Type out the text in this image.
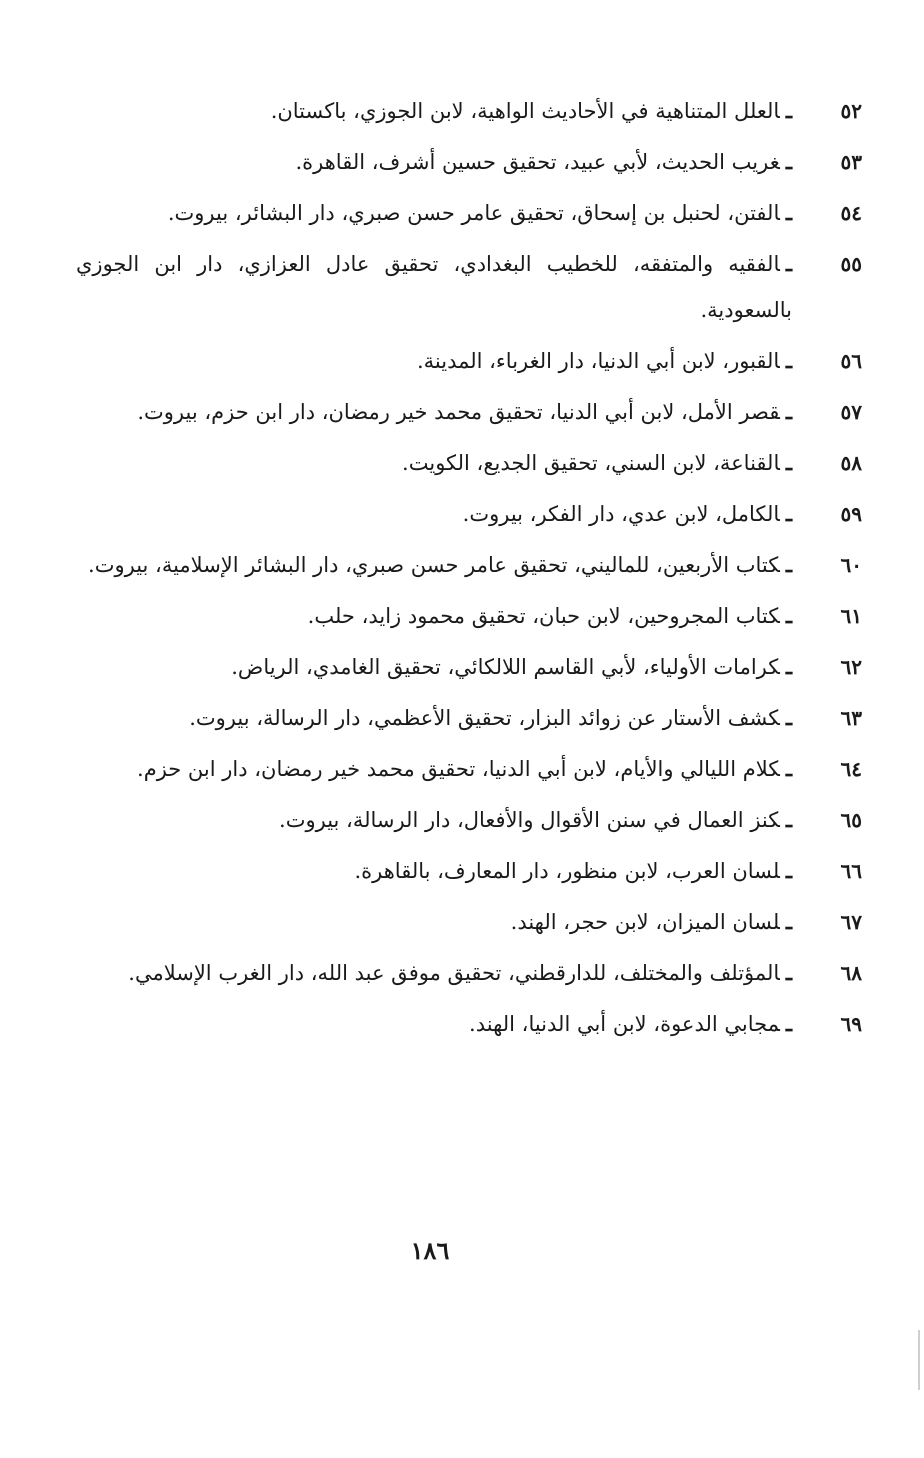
٥٢
ـالعلل المتناهية في الأحاديث الواهية، لابن الجوزي، باكستان.
٥٣
ـغريب الحديث، لأبي عبيد، تحقيق حسين أشرف، القاهرة.
٥٤
ـالفتن، لحنبل بن إسحاق، تحقيق عامر حسن صبري، دار البشائر، بيروت.
٥٥
ـالفقيه والمتفقه، للخطيب البغدادي، تحقيق عادل العزازي، دار ابن الجوزي بالسعودية.
٥٦
ـالقبور، لابن أبي الدنيا، دار الغرباء، المدينة.
٥٧
ـقصر الأمل، لابن أبي الدنيا، تحقيق محمد خير رمضان، دار ابن حزم، بيروت.
٥٨
ـالقناعة، لابن السني، تحقيق الجديع، الكويت.
٥٩
ـالكامل، لابن عدي، دار الفكر، بيروت.
٦٠
ـكتاب الأربعين، للماليني، تحقيق عامر حسن صبري، دار البشائر الإسلامية، بيروت.
٦١
ـكتاب المجروحين، لابن حبان، تحقيق محمود زايد، حلب.
٦٢
ـكرامات الأولياء، لأبي القاسم اللالكائي، تحقيق الغامدي، الرياض.
٦٣
ـكشف الأستار عن زوائد البزار، تحقيق الأعظمي، دار الرسالة، بيروت.
٦٤
ـكلام الليالي والأيام، لابن أبي الدنيا، تحقيق محمد خير رمضان، دار ابن حزم.
٦٥
ـكنز العمال في سنن الأقوال والأفعال، دار الرسالة، بيروت.
٦٦
ـلسان العرب، لابن منظور، دار المعارف، بالقاهرة.
٦٧
ـلسان الميزان، لابن حجر، الهند.
٦٨
ـالمؤتلف والمختلف، للدارقطني، تحقيق موفق عبد الله، دار الغرب الإسلامي.
٦٩
ـمجابي الدعوة، لابن أبي الدنيا، الهند.
١٨٦
